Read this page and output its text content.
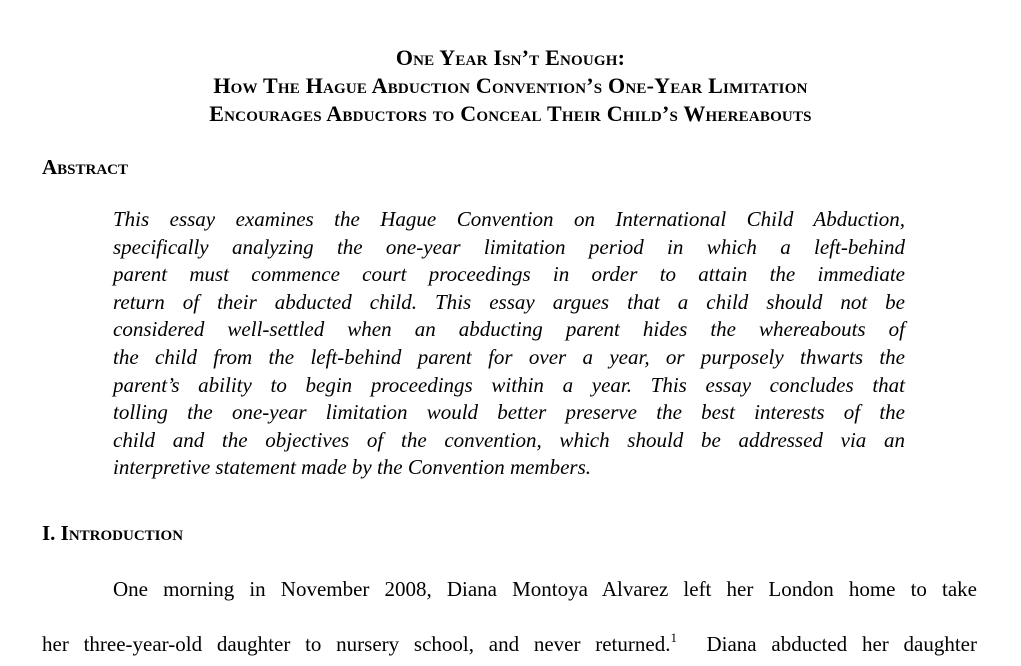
One Year Isn’t Enough:
How The Hague Abduction Convention’s One-Year Limitation
Encourages Abductors to Conceal Their Child’s Whereabouts
Abstract
This essay examines the Hague Convention on International Child Abduction,
specifically analyzing the one-year limitation period in which a left-behind
parent must commence court proceedings in order to attain the immediate
return of their abducted child. This essay argues that a child should not be
considered well-settled when an abducting parent hides the whereabouts of
the child from the left-behind parent for over a year, or purposely thwarts the
parent’s ability to begin proceedings within a year. This essay concludes that
tolling the one-year limitation would better preserve the best interests of the
child and the objectives of the convention, which should be addressed via an
interpretive statement made by the Convention members.
I. Introduction
One morning in November 2008, Diana Montoya Alvarez left her London home to take
her three-year-old daughter to nursery school, and never returned.$^1$  Diana abducted her daughter
